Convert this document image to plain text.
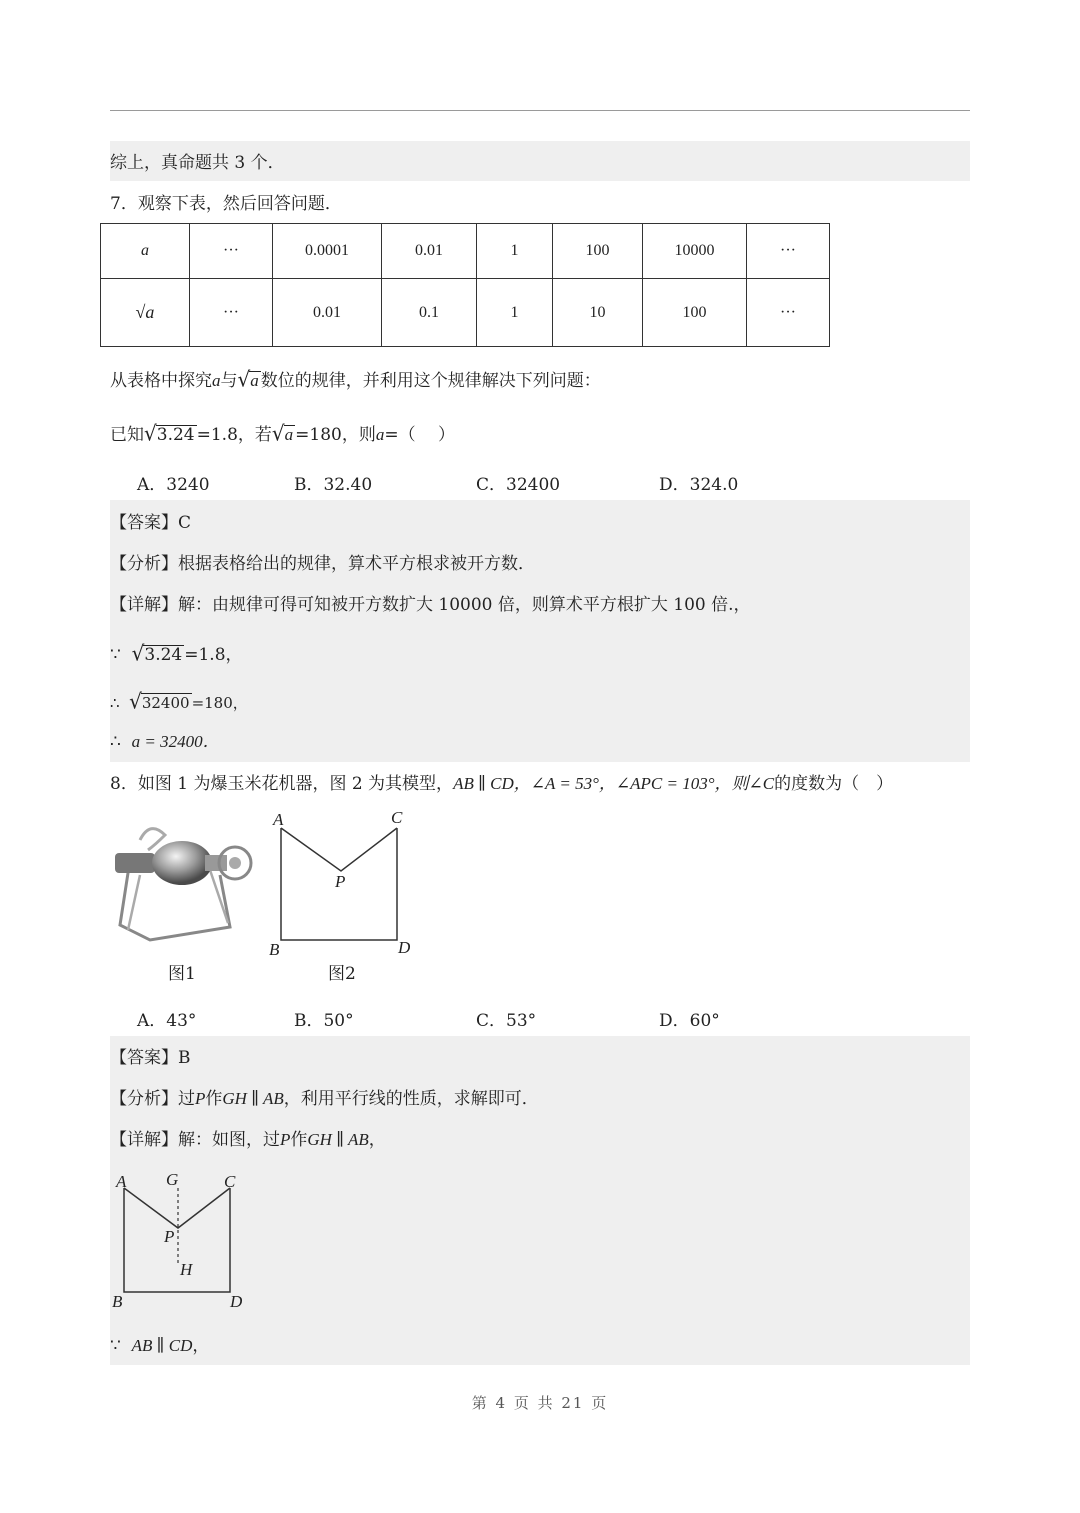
综上，真命题共 3 个．
7．观察下表，然后回答问题．
a	···	0.0001	0.01	1	100	10000	···
√a	···	0.01	0.1	1	10	100	···
从表格中探究a与√a 数位的规律，并利用这个规律解决下列问题：
已知√3.24 =1.8，若√a =180，则a=（　 ）
A．3240	B．32.40	C．32400	D．324.0
【答案】C
【分析】根据表格给出的规律，算术平方根求被开方数．
【详解】解：由规律可得可知被开方数扩大 10000 倍，则算术平方根扩大 100 倍.，
∵ √3.24 =1.8，
∴ √32400 =180，
∴ a = 32400．
8．如图 1 为爆玉米花机器，图 2 为其模型，AB ∥ CD，∠A = 53°，∠APC = 103°，则∠C的度数为（　）
图1
A	C
P
B	D
图2
A．43°	B．50°	C．53°	D．60°
【答案】B
【分析】过P作GH ∥ AB，利用平行线的性质，求解即可．
【详解】解：如图，过P作GH ∥ AB，
A G	C
P
H
B	D
∵ AB ∥ CD，
第 4 页 共 21 页
